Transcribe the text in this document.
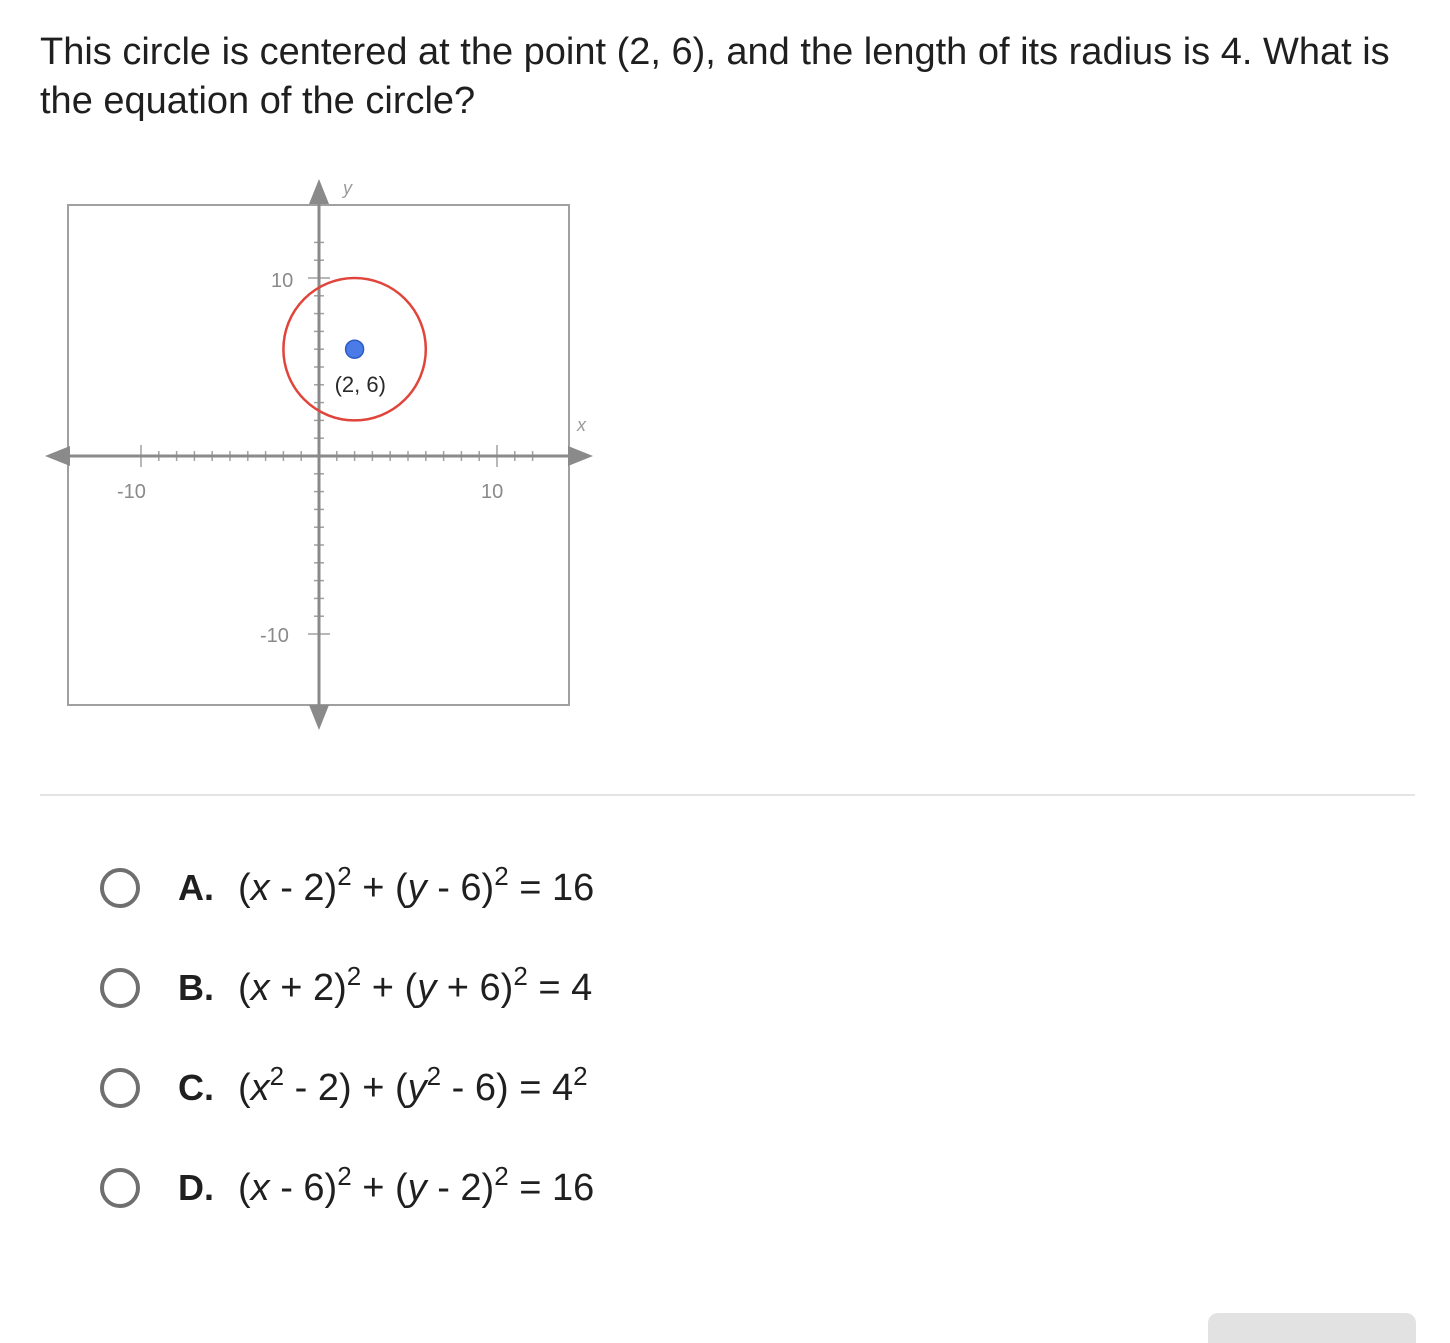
This circle is centered at the point (2, 6), and the length of its radius is 4. What is the equation of the circle?
x
y
-10	10
10
-10
(2, 6)
A. (x - 2)$^2$ + (y - 6)$^2$ = 16
B. $(x + 2)^2 + (y + 6)^2 = 4$
C. $(x^2 - 2) + (y^2 - 6) = 4^2$
D. (x - 6)$^2$ + (y - 2)$^2$ = 16
